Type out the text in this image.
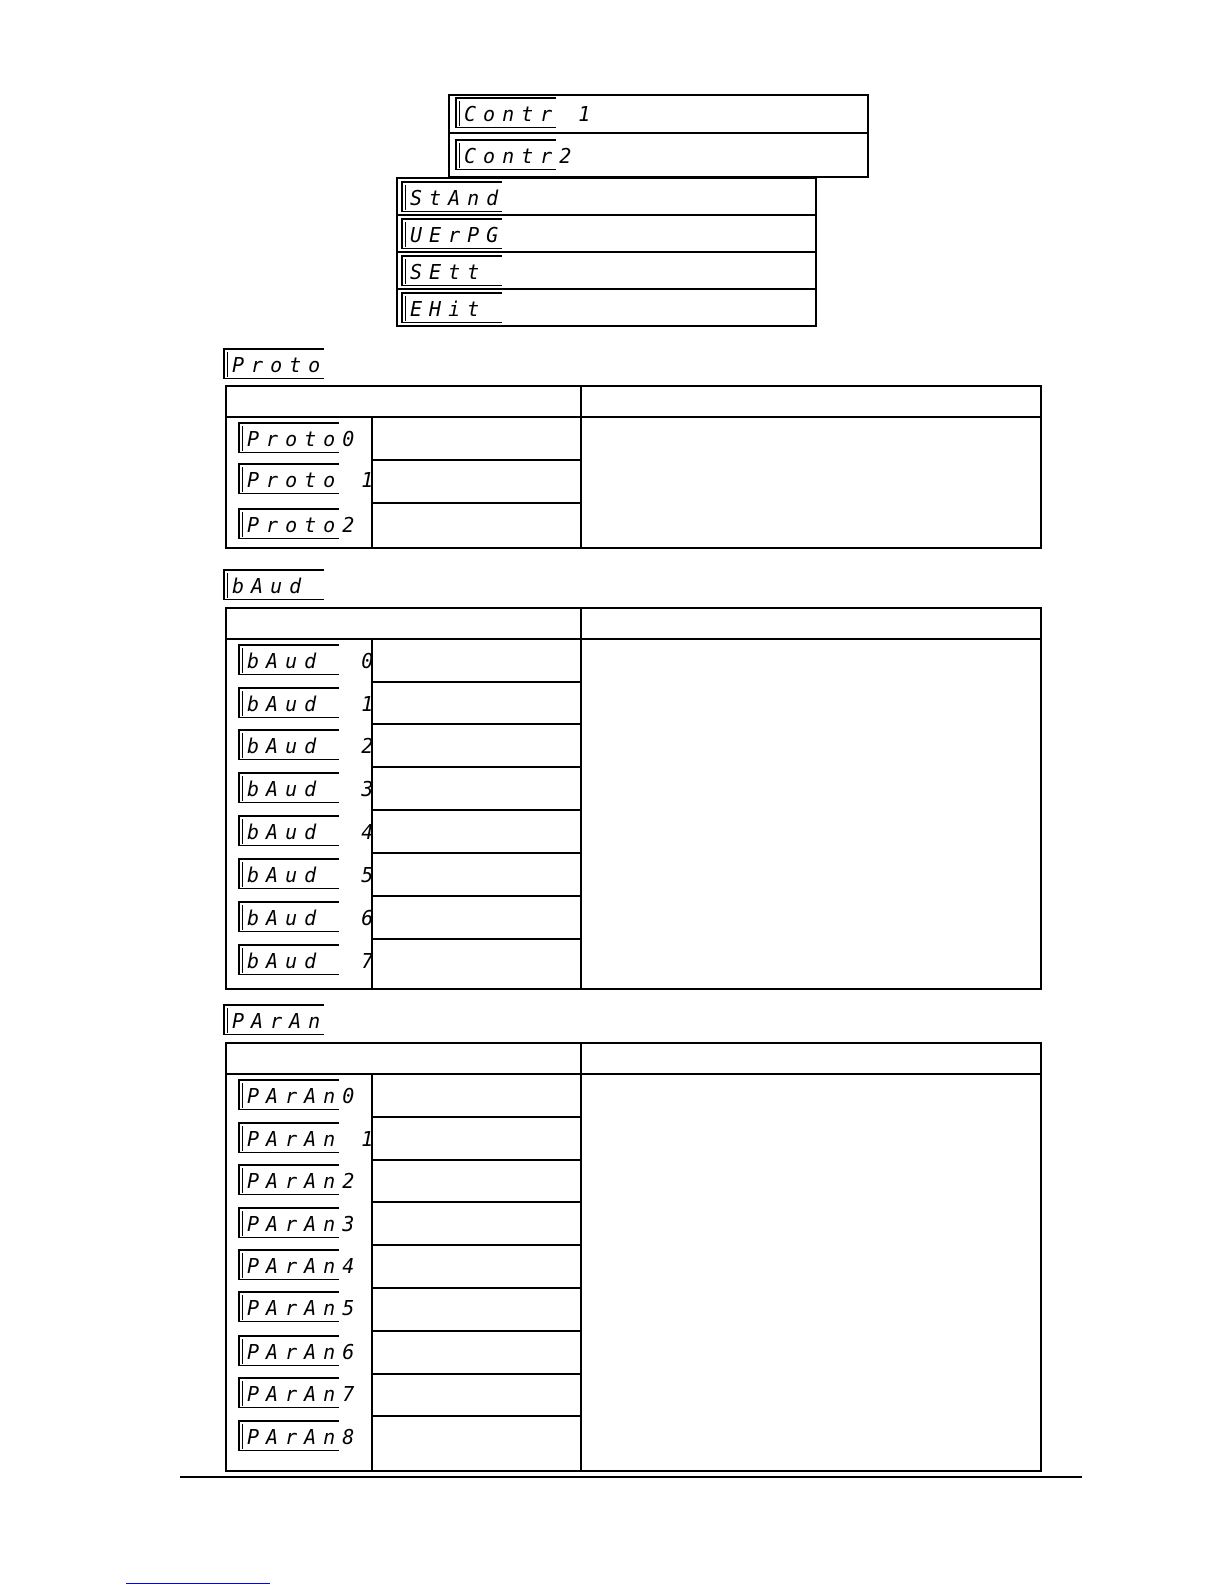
Contr 1
Contr2
StAnd
UErPG
SEtt
EHit
Proto
Proto0
Proto 1
Proto2
bAud
bAud  0
bAud  1
bAud  2
bAud  3
bAud  4
bAud  5
bAud  6
bAud  7
PArAn
PArAn0
PArAn 1
PArAn2
PArAn3
PArAn4
PArAn5
PArAn6
PArAn7
PArAn8
